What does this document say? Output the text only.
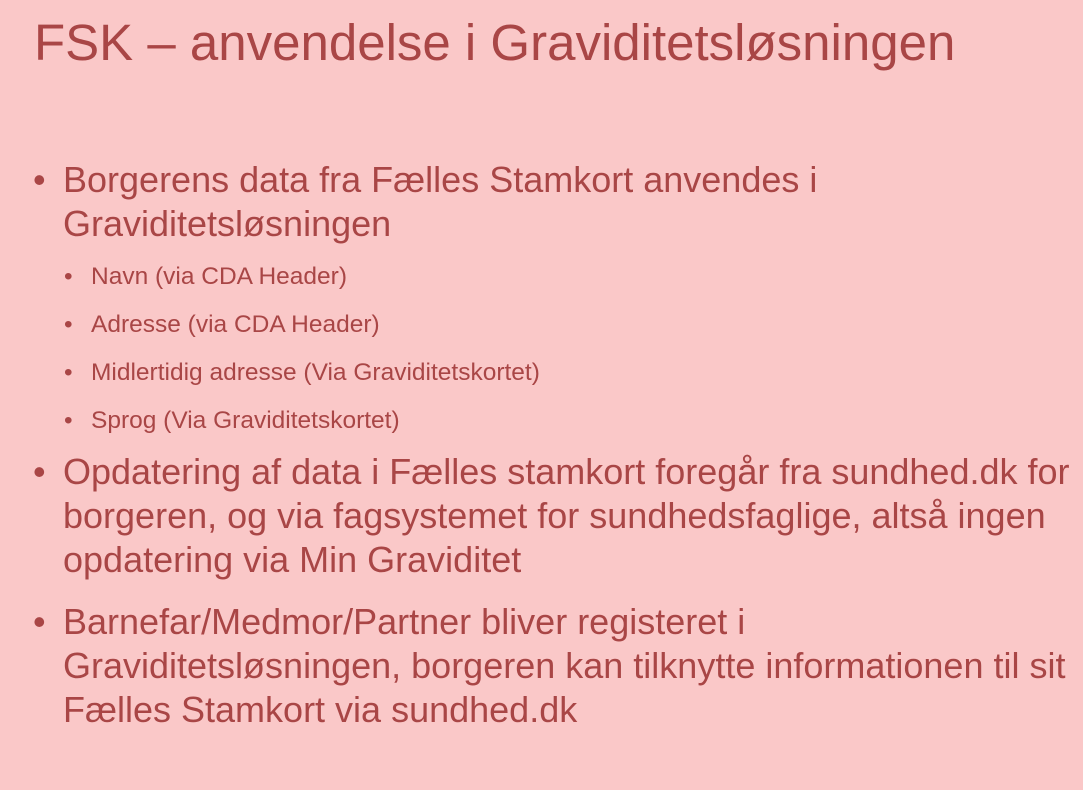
FSK – anvendelse i Graviditetsløsningen
• Borgerens data fra Fælles Stamkort anvendes i Graviditetsløsningen
• Navn (via CDA Header)
• Adresse (via CDA Header)
• Midlertidig adresse (Via Graviditetskortet)
• Sprog (Via Graviditetskortet)
• Opdatering af data i Fælles stamkort foregår fra sundhed.dk for borgeren, og via fagsystemet for sundhedsfaglige, altså ingen opdatering via Min Graviditet
• Barnefar/Medmor/Partner bliver registeret i Graviditetsløsningen, borgeren kan tilknytte informationen til sit Fælles Stamkort via sundhed.dk
